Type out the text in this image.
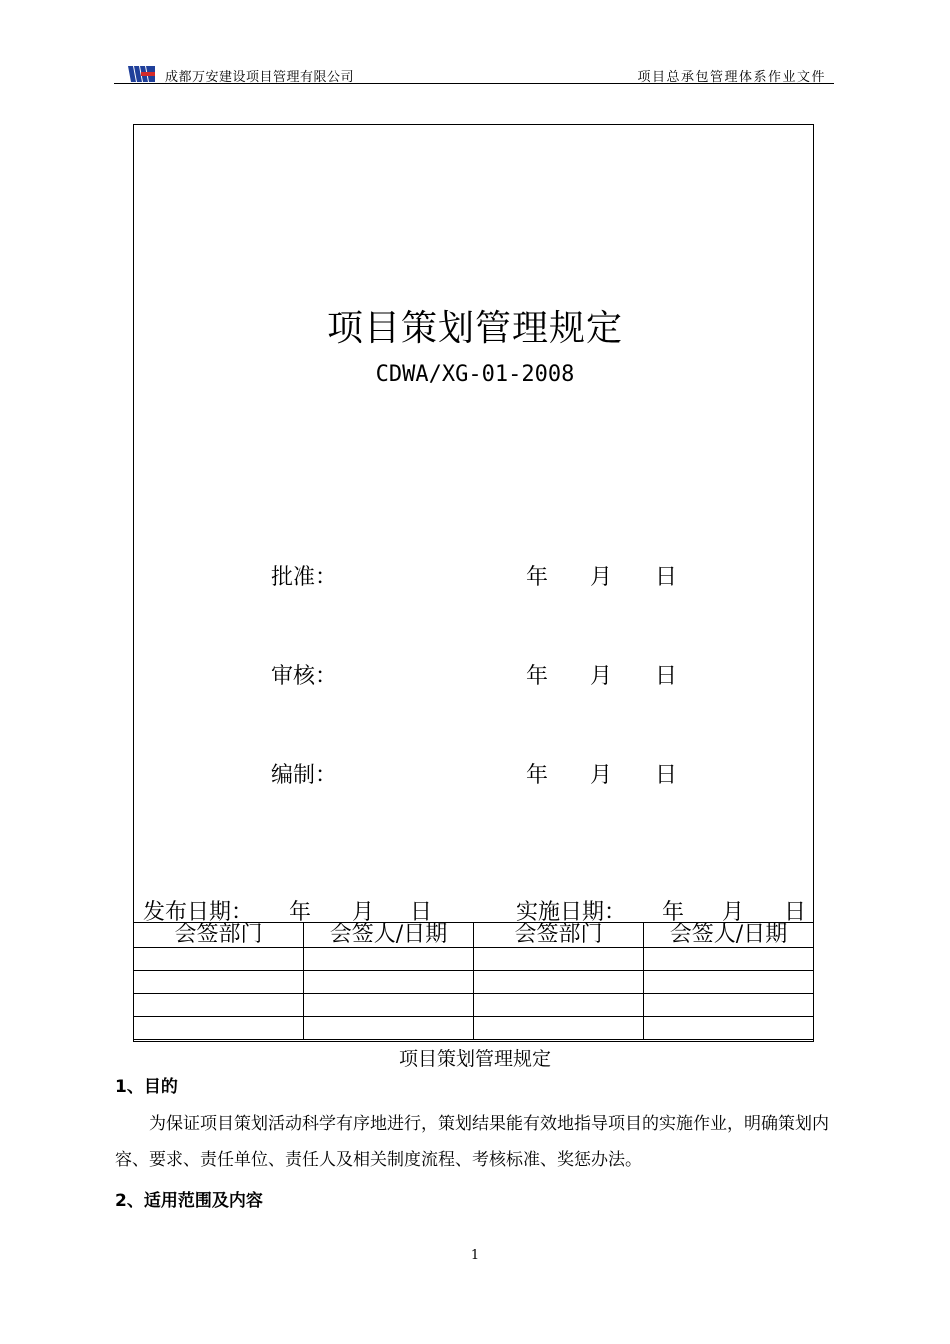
成都万安建设项目管理有限公司	项目总承包管理体系作业文件
项目策划管理规定
CDWA/XG-01-2008
批准：	年 月 日
审核：	年 月 日
编制：	年 月 日
发布日期： 年 月 日	实施日期： 年 月 日
会签部门	会签人/日期	会签部门	会签人/日期

项目策划管理规定
1、目的
为保证项目策划活动科学有序地进行，策划结果能有效地指导项目的实施作业，明确策划内容、要求、责任单位、责任人及相关制度流程、考核标准、奖惩办法。
2、适用范围及内容
1
